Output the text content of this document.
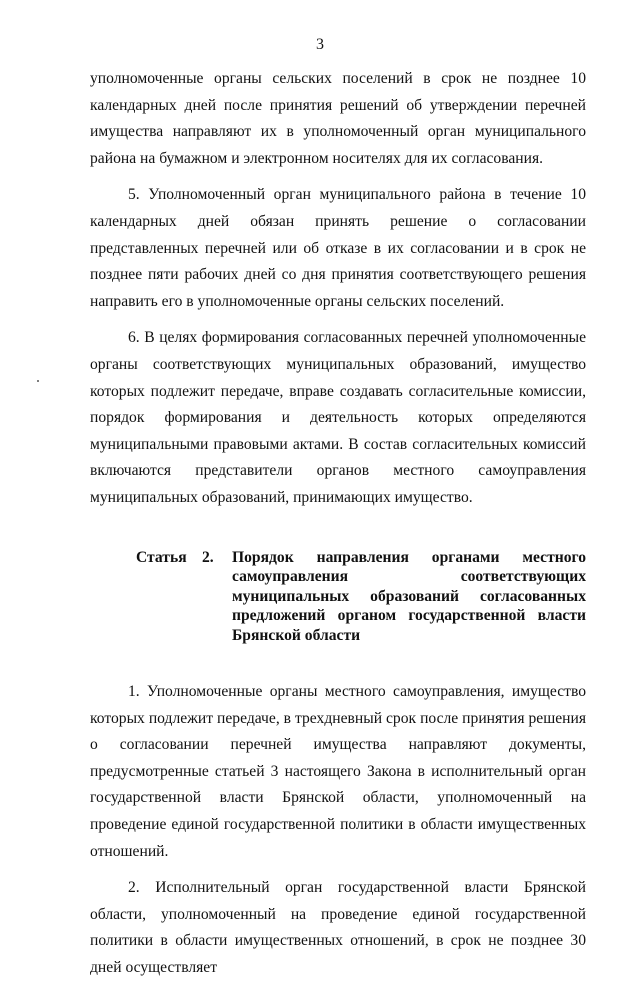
3

уполномоченные органы сельских поселений в срок не позднее 10 календарных дней после принятия решений об утверждении перечней имущества направляют их в уполномоченный орган муниципального района на бумажном и электронном носителях для их согласования.

5. Уполномоченный орган муниципального района в течение 10 календарных дней обязан принять решение о согласовании представленных перечней или об отказе в их согласовании и в срок не позднее пяти рабочих дней со дня принятия соответствующего решения направить его в уполномоченные органы сельских поселений.

6. В целях формирования согласованных перечней уполномоченные органы соответствующих муниципальных образований, имущество которых подлежит передаче, вправе создавать согласительные комиссии, порядок формирования и деятельность которых определяются муниципальными правовыми актами. В состав согласительных комиссий включаются представители органов местного самоуправления муниципальных образований, принимающих имущество.

Статья 2.	Порядок направления органами местного самоуправления соответствующих муниципальных образований согласованных предложений органом государственной власти Брянской области

1. Уполномоченные органы местного самоуправления, имущество которых подлежит передаче, в трехдневный срок после принятия решения о согласовании перечней имущества направляют документы, предусмотренные статьей 3 настоящего Закона в исполнительный орган государственной власти Брянской области, уполномоченный на проведение единой государственной политики в области имущественных отношений.

2. Исполнительный орган государственной власти Брянской области, уполномоченный на проведение единой государственной политики в области имущественных отношений, в срок не позднее 30 дней осуществляет
